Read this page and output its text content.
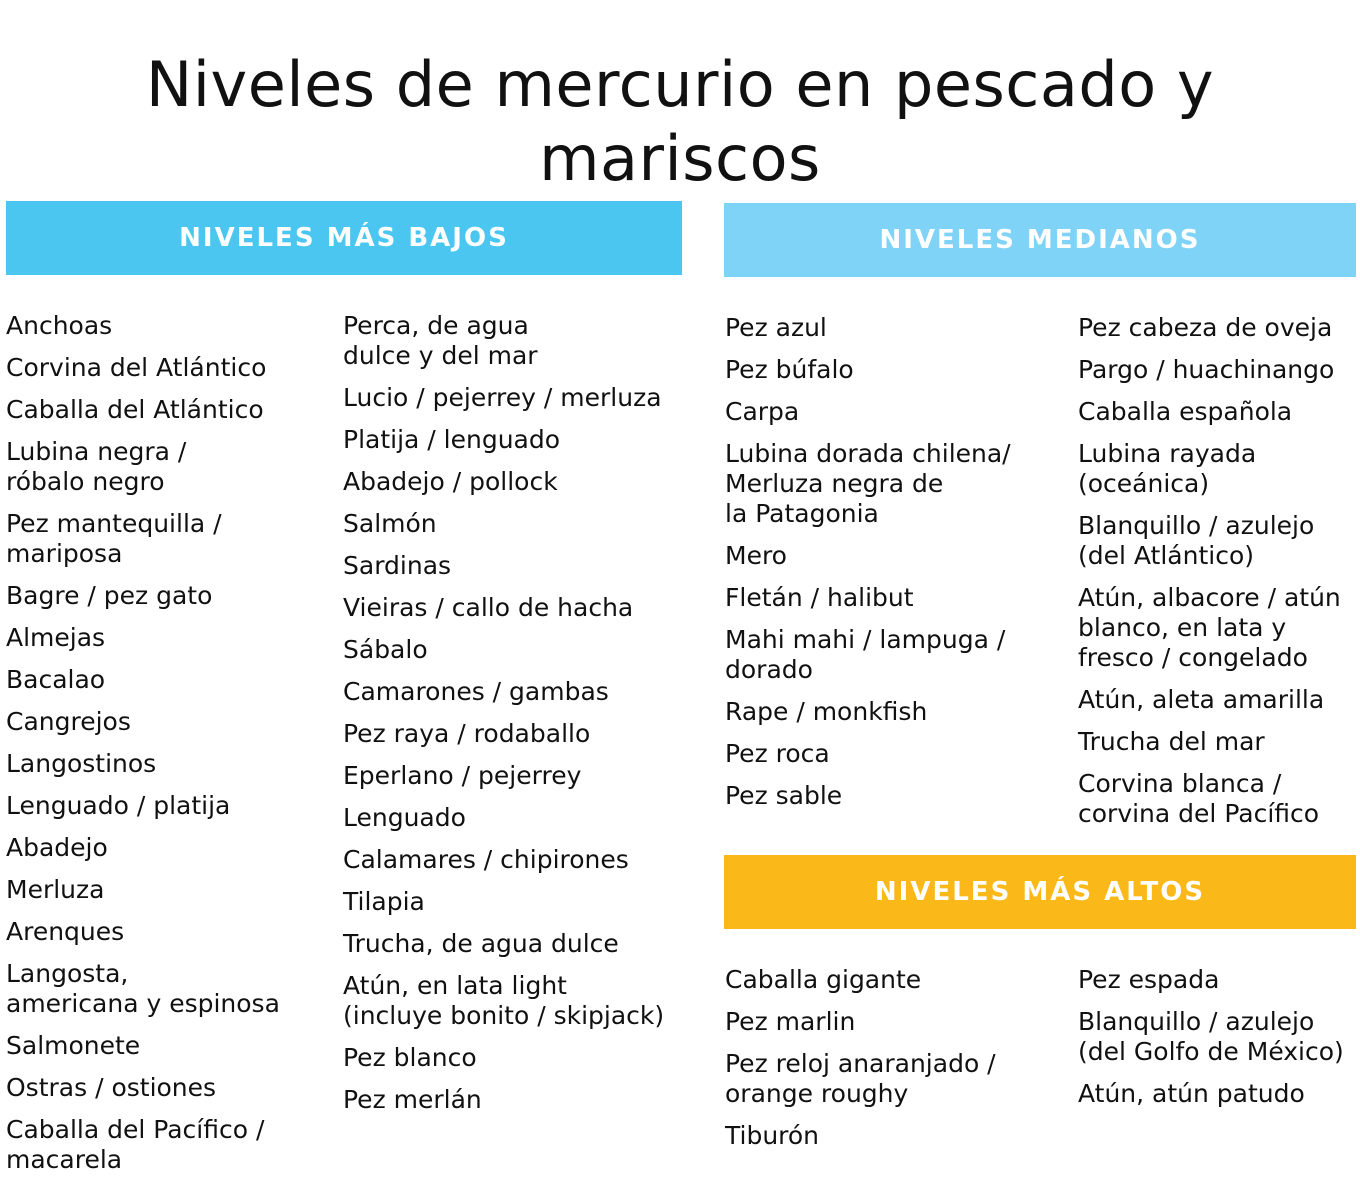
Niveles de mercurio en pescado y mariscos
NIVELES MÁS BAJOS
Anchoas
Corvina del Atlántico
Caballa del Atlántico
Lubina negra /
róbalo negro
Pez mantequilla /
mariposa
Bagre / pez gato
Almejas
Bacalao
Cangrejos
Langostinos
Lenguado / platija
Abadejo
Merluza
Arenques
Langosta,
americana y espinosa
Salmonete
Ostras / ostiones
Caballa del Pacífico /
macarela
Perca, de agua
dulce y del mar
Lucio / pejerrey / merluza
Platija / lenguado
Abadejo / pollock
Salmón
Sardinas
Vieiras / callo de hacha
Sábalo
Camarones / gambas
Pez raya / rodaballo
Eperlano / pejerrey
Lenguado
Calamares / chipirones
Tilapia
Trucha, de agua dulce
Atún, en lata light
(incluye bonito / skipjack)
Pez blanco
Pez merlán
NIVELES MEDIANOS
Pez azul
Pez búfalo
Carpa
Lubina dorada chilena/
Merluza negra de
la Patagonia
Mero
Fletán / halibut
Mahi mahi / lampuga /
dorado
Rape / monkfish
Pez roca
Pez sable
Pez cabeza de oveja
Pargo / huachinango
Caballa española
Lubina rayada
(oceánica)
Blanquillo / azulejo
(del Atlántico)
Atún, albacore / atún
blanco, en lata y
fresco / congelado
Atún, aleta amarilla
Trucha del mar
Corvina blanca /
corvina del Pacífico
NIVELES MÁS ALTOS
Caballa gigante
Pez marlin
Pez reloj anaranjado /
orange roughy
Tiburón
Pez espada
Blanquillo / azulejo
(del Golfo de México)
Atún, atún patudo
